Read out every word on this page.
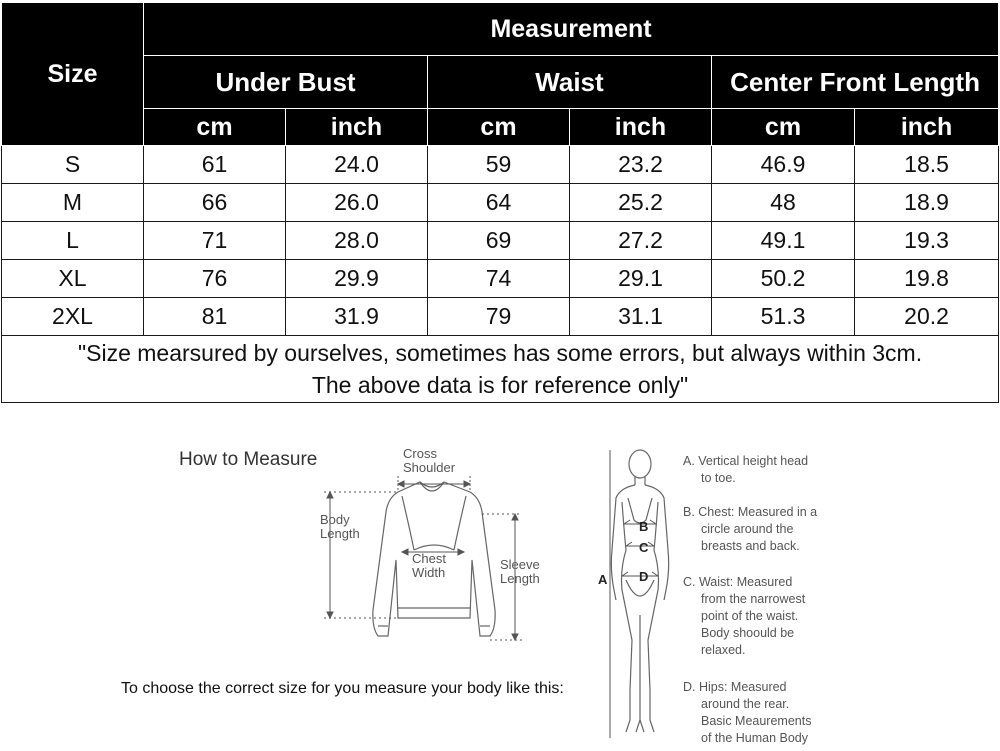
Size	Measurement					
	Under Bust		Waist		Center Front Length	
	cm	inch	cm	inch	cm	inch
S	61	24.0	59	23.2	46.9	18.5
M	66	26.0	64	25.2	48	18.9
L	71	28.0	69	27.2	49.1	19.3
XL	76	29.9	74	29.1	50.2	19.8
2XL	81	31.9	79	31.1	51.3	20.2

"Size mearsured by ourselves, sometimes has some errors, but always within 3cm.
The above data is for reference only"						
How to Measure	Cross
Shoulder
Body
Length
Chest
Width
Sleeve
Length
To choose the correct size for you measure your body like this:
A
B
C
D
A. Vertical height head
to toe.
B. Chest: Measured in a
circle around the
breasts and back.
C. Waist: Measured
from the narrowest
point of the waist.
Body shoould be
relaxed.
D. Hips: Measured
around the rear.
Basic Meaurements
of the Human Body
